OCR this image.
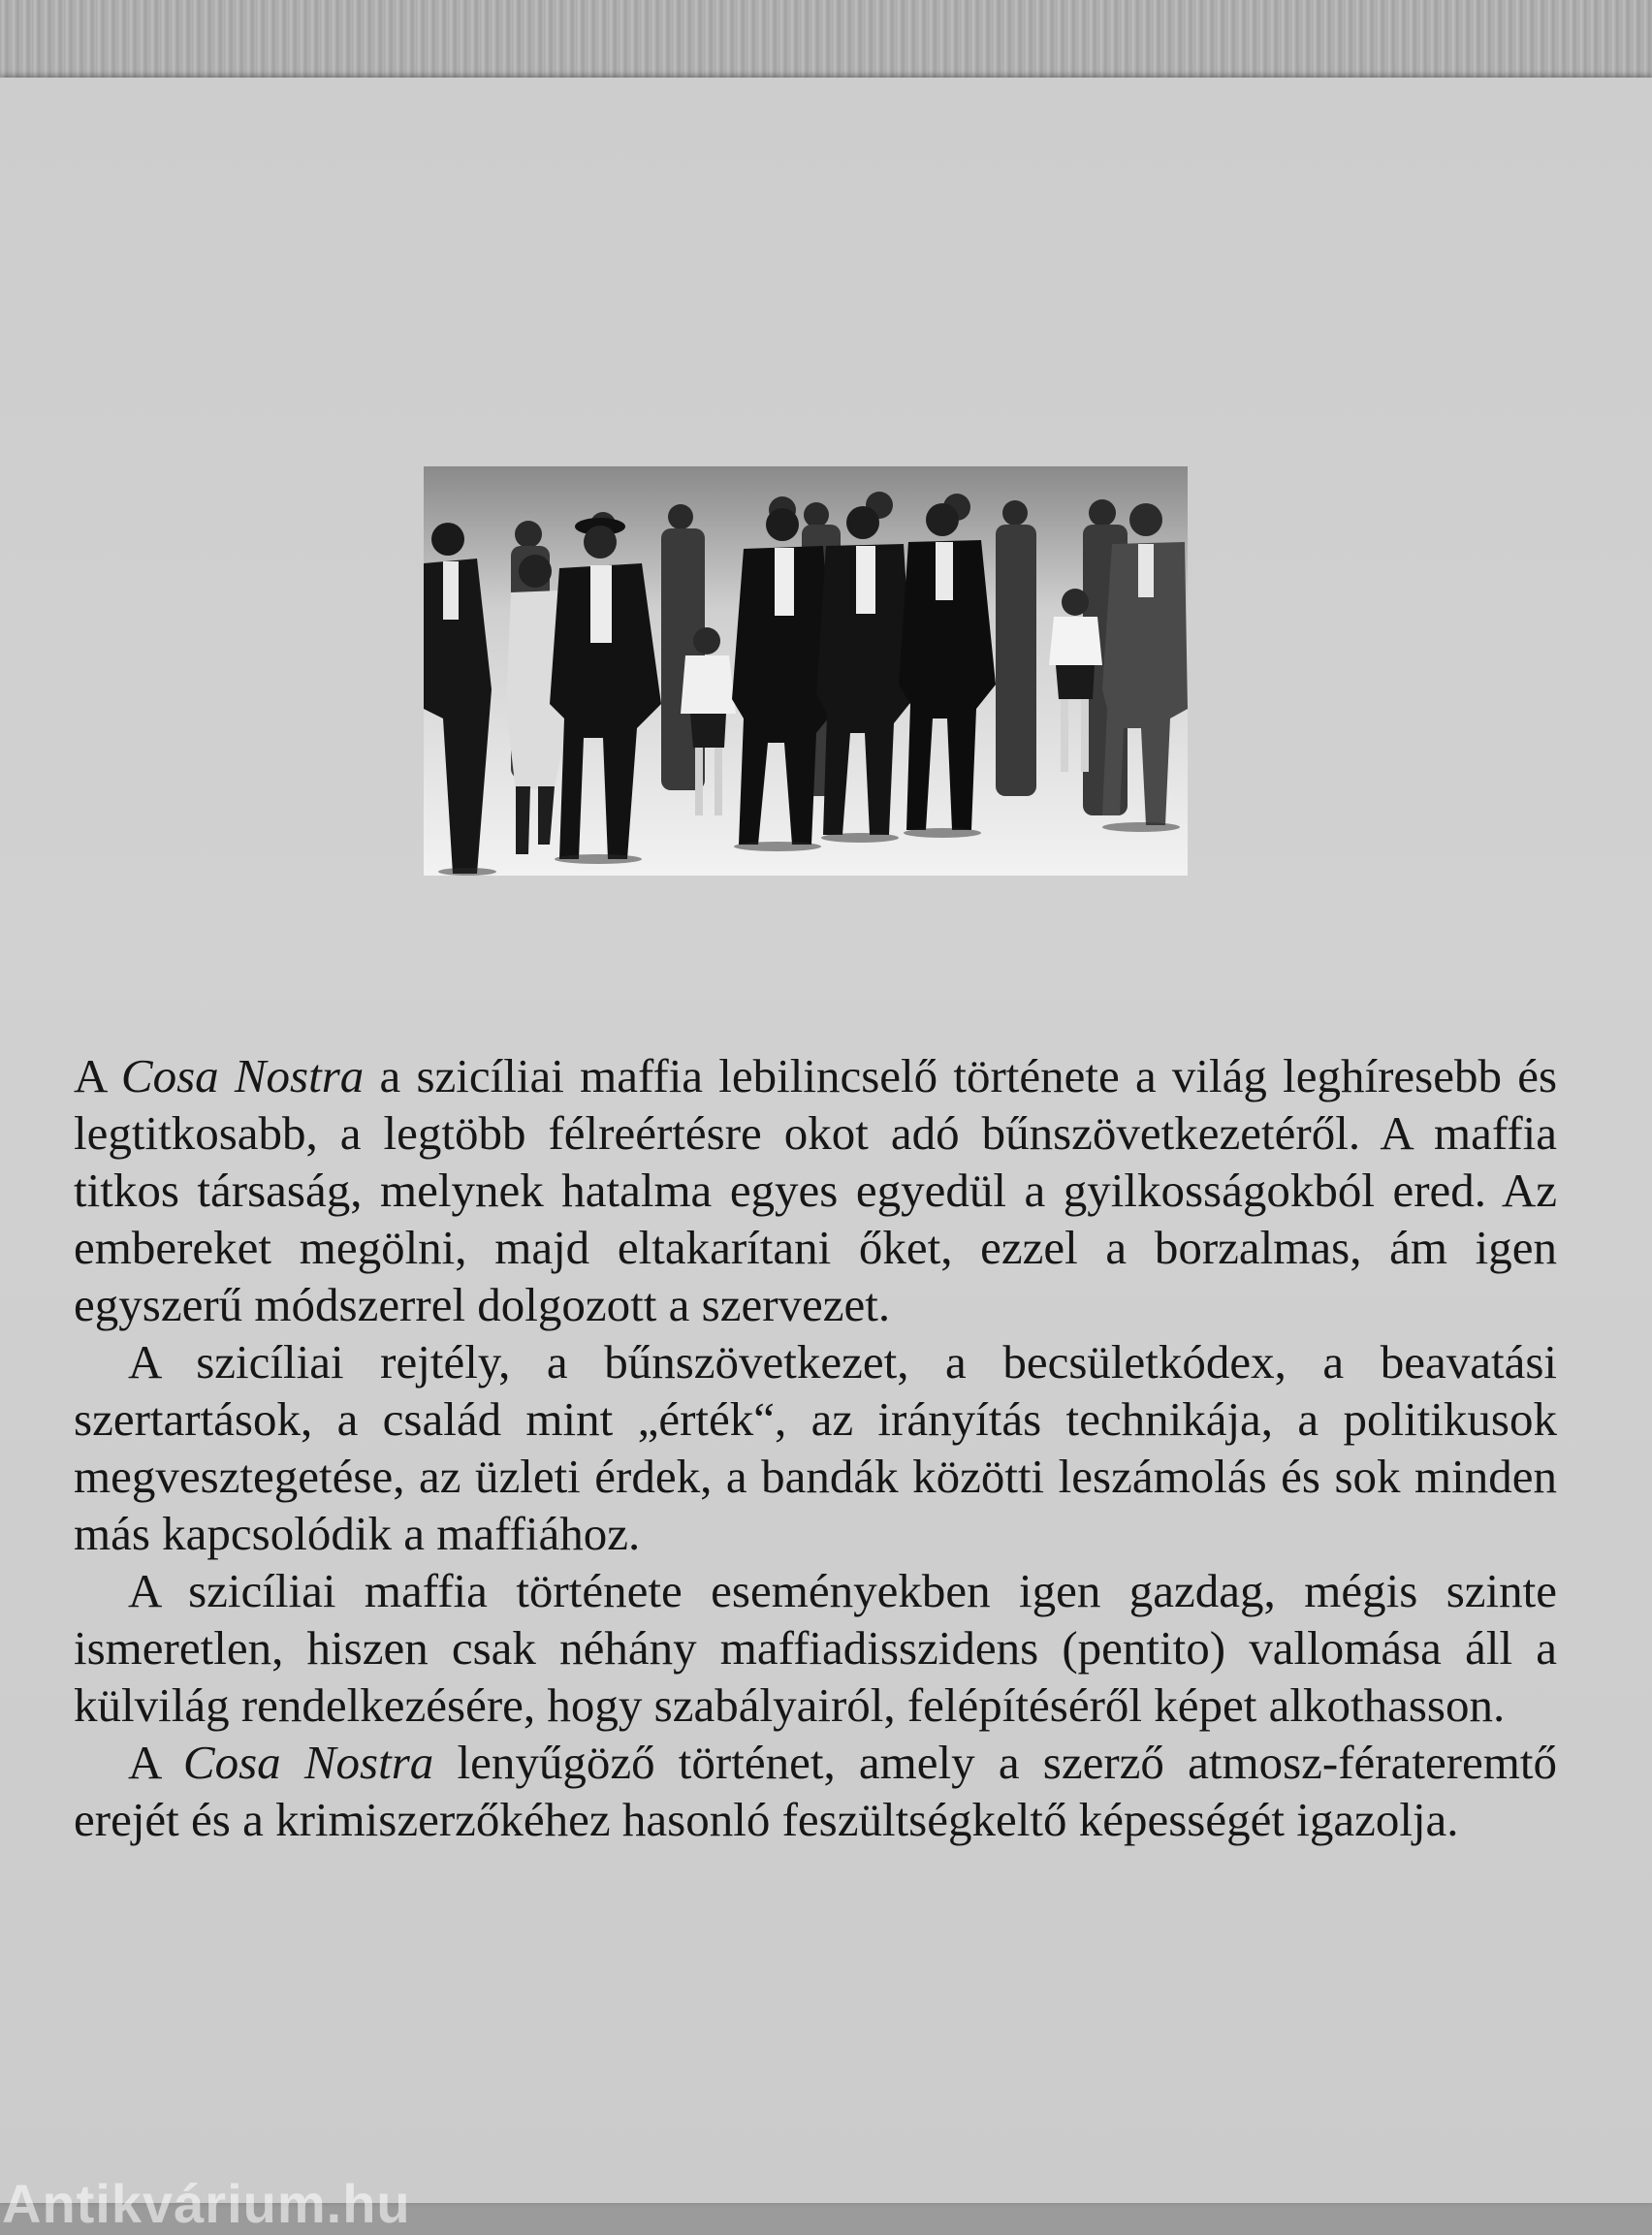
A Cosa Nostra a szicíliai maffia lebilincselő története a világ leghíresebb és legtitkosabb, a legtöbb félreértésre okot adó bűnszövetkezetéről. A maffia titkos társaság, melynek hatalma egyes egyedül a gyilkosságokból ered. Az embereket megölni, majd eltakarítani őket, ezzel a borzalmas, ám igen egyszerű módszerrel dolgozott a szervezet.

A szicíliai rejtély, a bűnszövetkezet, a becsületkódex, a beavatási szertartások, a család mint „érték“, az irányítás technikája, a politikusok megvesztegetése, az üzleti érdek, a bandák közötti leszámolás és sok minden más kapcsolódik a maffiához.

A szicíliai maffia története eseményekben igen gazdag, mégis szinte ismeretlen, hiszen csak néhány maffiadisszidens (pentito) vallomása áll a külvilág rendelkezésére, hogy szabályairól, felépítéséről képet alkothasson.

A Cosa Nostra lenyűgöző történet, amely a szerző atmosz-férateremtő erejét és a krimiszerzőkéhez hasonló feszültségkeltő képességét igazolja.

Antikvárium.hu
